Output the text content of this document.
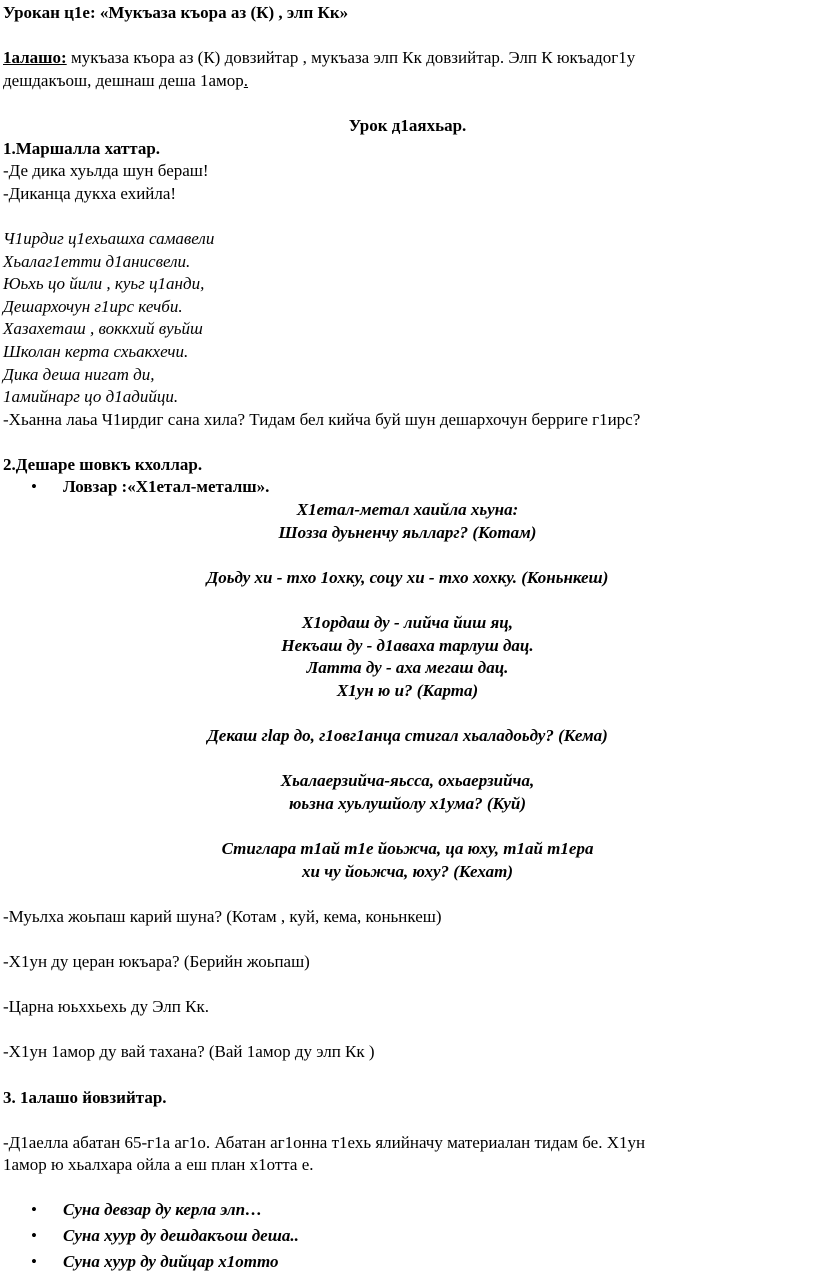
Урокан ц1е: «Мукъаза къора аз (К) , элп Кк»

1алашо: мукъаза къора аз (К) довзийтар , мукъаза элп Кк довзийтар. Элп К юкъадог1у

дешдакъош, дешнаш деша 1амор.

Урок д1аяхьар.

1.Маршалла хаттар.

-Де дика хуьлда шун бераш!

-Диканца дукха ехийла!

Ч1ирдиг ц1ехьашха самавели

Хьалаг1етти д1анисвели.

Юьхь цо йили , куьг ц1анди,

Дешархочун г1ирс кечби.

Хазахеташ , воккхий вуьйш

Школан керта схьакхечи.

Дика деша нигат ди,

1амийнарг цо д1адийци.

-Хьанна лаьа Ч1ирдиг сана хила? Тидам бел кийча буй шун дешархочун берриге г1ирс?

2.Дешаре шовкъ кхоллар.

•	Ловзар :«Х1етал-металш».

Х1етал-метал хаийла хьуна:

Шозза дуьненчу яьлларг? (Котам)

Доьду хи - тхо 1охку, соцу хи - тхо хохку. (Коньнкеш)

Х1ордаш ду - лийча йиш яц,

Некъаш ду - д1аваха тарлуш дац.

Латта ду - аха мегаш дац.

Х1ун ю и? (Карта)

Декаш гlар до, г1овг1анца стигал хьаладоьду? (Кема)

Хьалаерзийча-яьсса, охьаерзийча,

юьзна хуьлушйолу х1ума? (Куй)

Стиглара т1ай т1е йоьжча, ца юху, т1ай т1ера

хи чу йоьжча, юху? (Кехат)

-Муьлха жоьпаш карий шуна? (Котам , куй, кема, коньнкеш)

-Х1ун ду церан юкъара? (Берийн жоьпаш)

-Царна юьххьехь ду Элп Кк.

-Х1ун 1амор ду вай тахана? (Вай 1амор ду элп Кк )

3. 1алашо йовзийтар.

-Д1аелла абатан 65-г1а аг1о. Абатан аг1онна т1ехь ялийначу материалан тидам бе. Х1ун

1амор ю хьалхара ойла а еш план х1отта е.

•	Суна девзар ду керла элп…
•	Суна хуур ду дешдакъош деша..
•	Суна хуур ду дийцар х1отто
